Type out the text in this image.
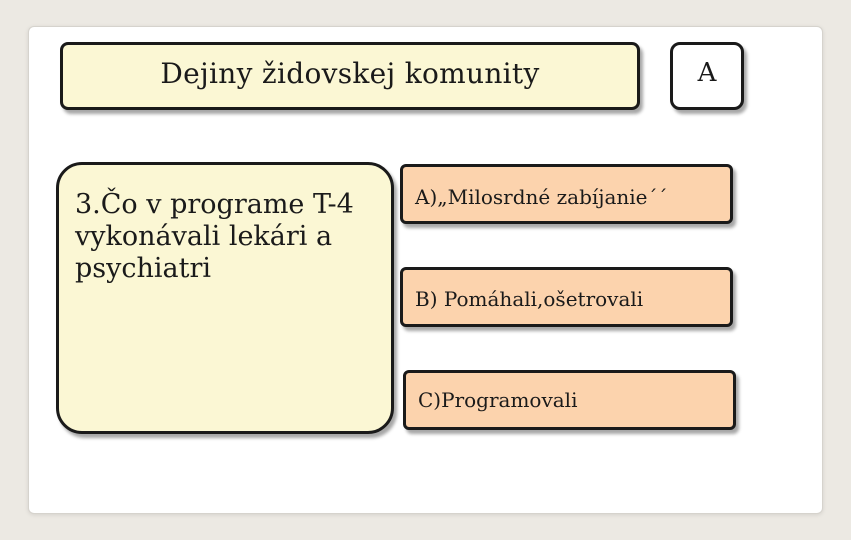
Dejiny židovskej komunity	A
3.Čo v programe T-4 vykonávali lekári a psychiatri
A)„Milosrdné zabíjanie´´
B) Pomáhali,ošetrovali
C)Programovali
